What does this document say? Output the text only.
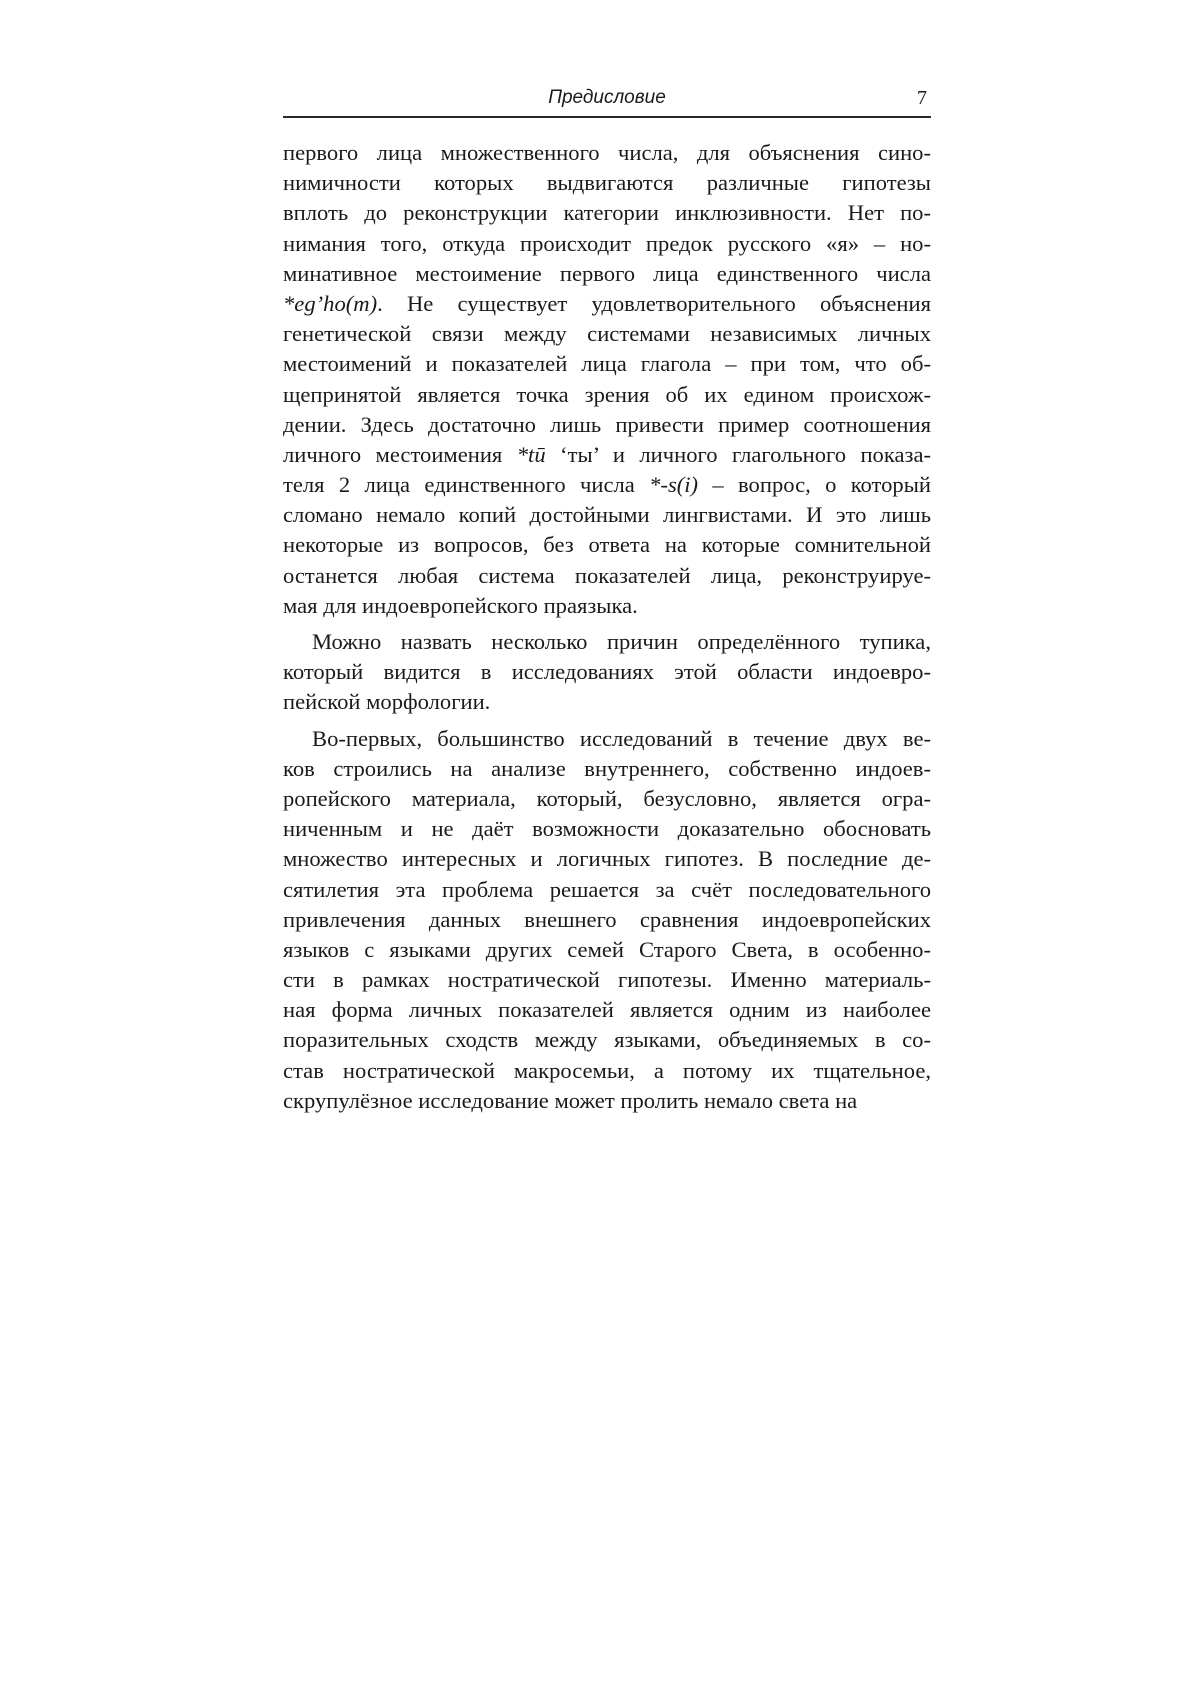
Предисловие	7
первого лица множественного числа, для объяснения сино-
нимичности которых выдвигаются различные гипотезы
вплоть до реконструкции категории инклюзивности. Нет по-
нимания того, откуда происходит предок русского «я» – но-
минативное местоимение первого лица единственного числа
*eg’ho(m). Не существует удовлетворительного объяснения
генетической связи между системами независимых личных
местоимений и показателей лица глагола – при том, что об-
щепринятой является точка зрения об их едином происхож-
дении. Здесь достаточно лишь привести пример соотношения
личного местоимения *tū ‘ты’ и личного глагольного показа-
теля 2 лица единственного числа *-s(i) – вопрос, о который
сломано немало копий достойными лингвистами. И это лишь
некоторые из вопросов, без ответа на которые сомнительной
останется любая система показателей лица, реконструируе-
мая для индоевропейского праязыка.
Можно назвать несколько причин определённого тупика,
который видится в исследованиях этой области индоевро-
пейской морфологии.
Во-первых, большинство исследований в течение двух ве-
ков строились на анализе внутреннего, собственно индоев-
ропейского материала, который, безусловно, является огра-
ниченным и не даёт возможности доказательно обосновать
множество интересных и логичных гипотез. В последние де-
сятилетия эта проблема решается за счёт последовательного
привлечения данных внешнего сравнения индоевропейских
языков с языками других семей Старого Света, в особенно-
сти в рамках ностратической гипотезы. Именно материаль-
ная форма личных показателей является одним из наиболее
поразительных сходств между языками, объединяемых в со-
став ностратической макросемьи, а потому их тщательное,
скрупулёзное исследование может пролить немало света на
